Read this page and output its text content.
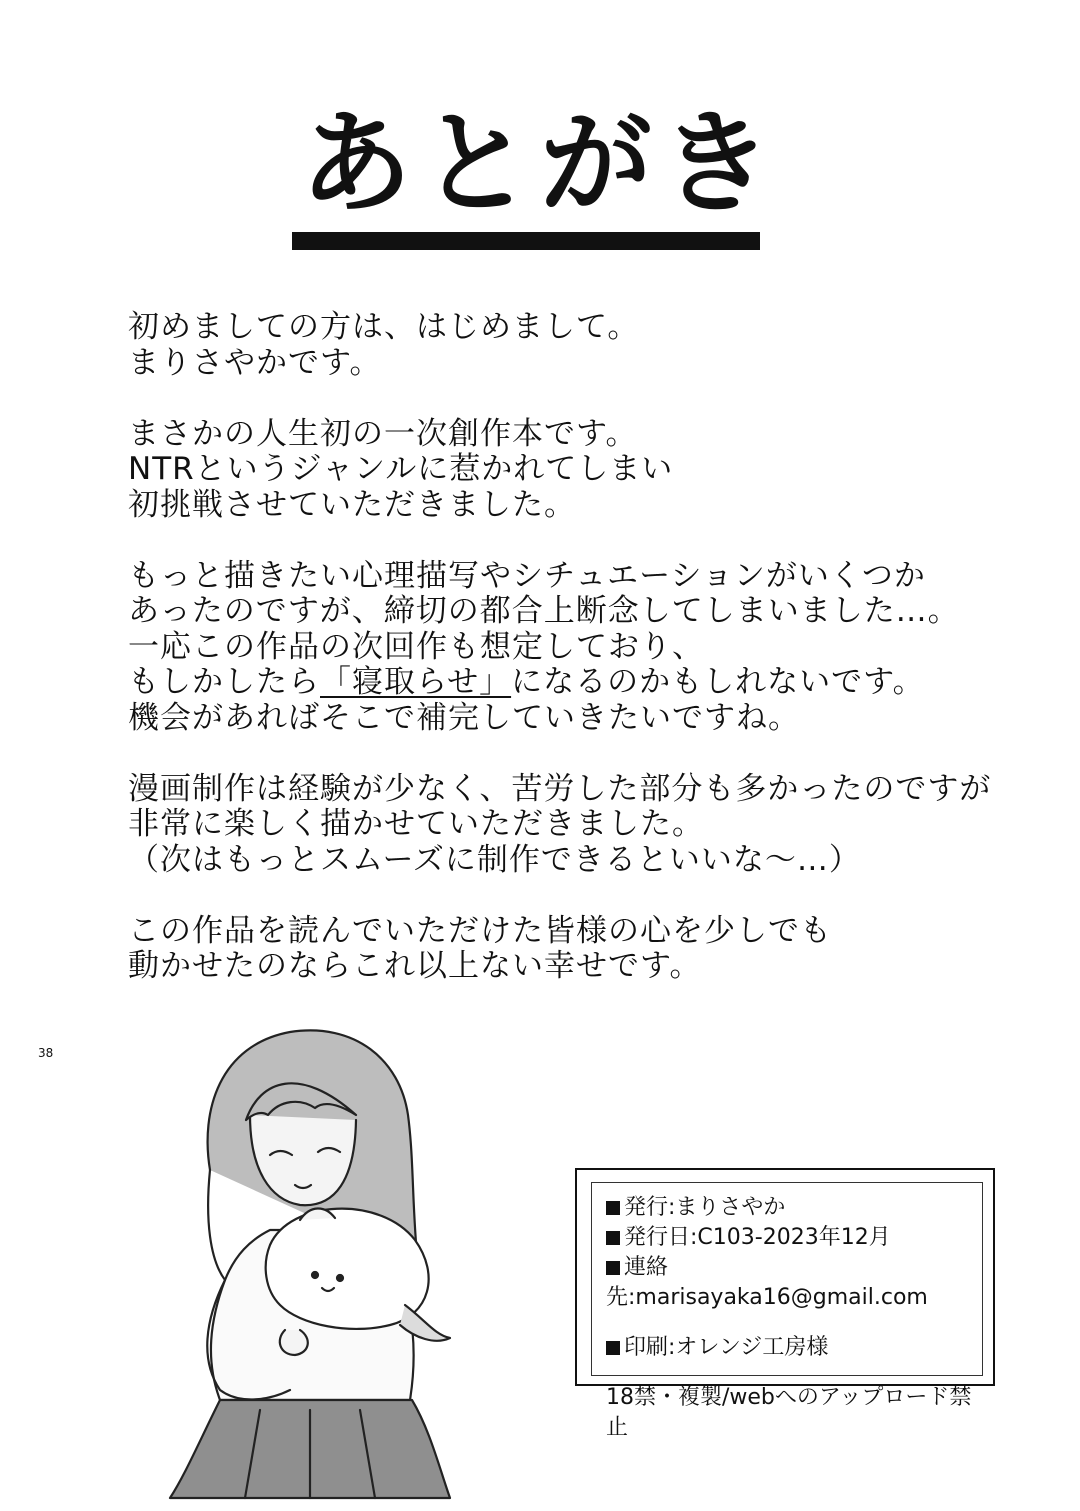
あとがき
初めましての方は、はじめまして。
まりさやかです。
まさかの人生初の一次創作本です。
NTRというジャンルに惹かれてしまい
初挑戦させていただきました。
もっと描きたい心理描写やシチュエーションがいくつか
あったのですが、締切の都合上断念してしまいました…。
一応この作品の次回作も想定しており、
もしかしたら「寝取らせ」になるのかもしれないです。
機会があればそこで補完していきたいですね。
漫画制作は経験が少なく、苦労した部分も多かったのですが
非常に楽しく描かせていただきました。
（次はもっとスムーズに制作できるといいな～…）
この作品を読んでいただけた皆様の心を少しでも
動かせたのならこれ以上ない幸せです。
発行:まりさやか
発行日:C103-2023年12月
連絡先:marisayaka16@gmail.com
印刷:オレンジ工房様
18禁・複製/webへのアップロード禁止
38
